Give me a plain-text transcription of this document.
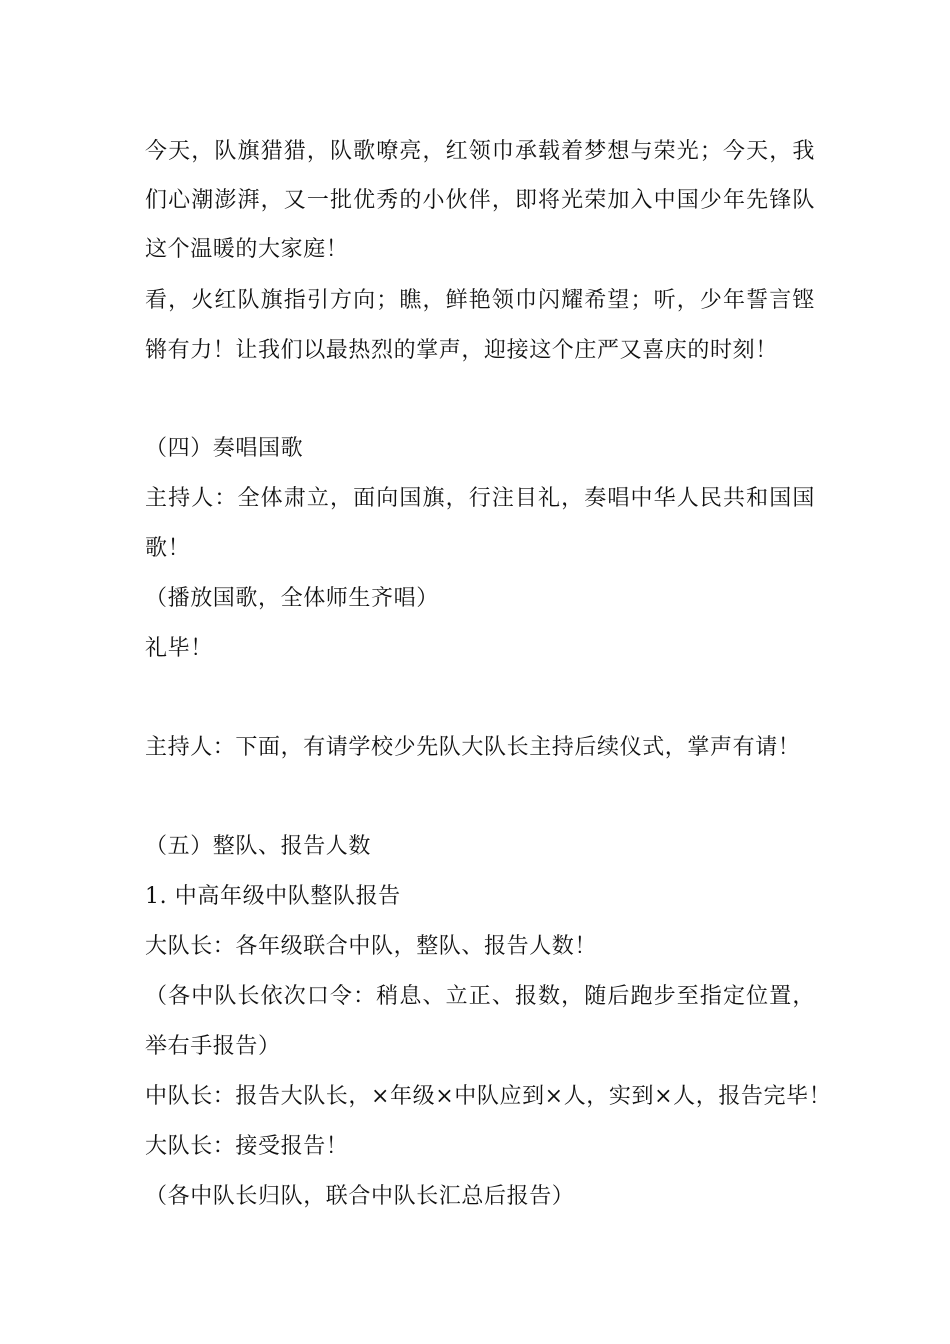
今天，队旗猎猎，队歌嘹亮，红领巾承载着梦想与荣光；今天，我

们心潮澎湃，又一批优秀的小伙伴，即将光荣加入中国少年先锋队

这个温暖的大家庭！

看，火红队旗指引方向；瞧，鲜艳领巾闪耀希望；听，少年誓言铿

锵有力！让我们以最热烈的掌声，迎接这个庄严又喜庆的时刻！

（四）奏唱国歌

主持人：全体肃立，面向国旗，行注目礼，奏唱中华人民共和国国

歌！

（播放国歌，全体师生齐唱）

礼毕！

主持人：下面，有请学校少先队大队长主持后续仪式，掌声有请！

（五）整队、报告人数

1. 中高年级中队整队报告

大队长：各年级联合中队，整队、报告人数！

（各中队长依次口令：稍息、立正、报数，随后跑步至指定位置，

举右手报告）

中队长：报告大队长，×年级×中队应到×人，实到×人，报告完毕！

大队长：接受报告！

（各中队长归队，联合中队长汇总后报告）
